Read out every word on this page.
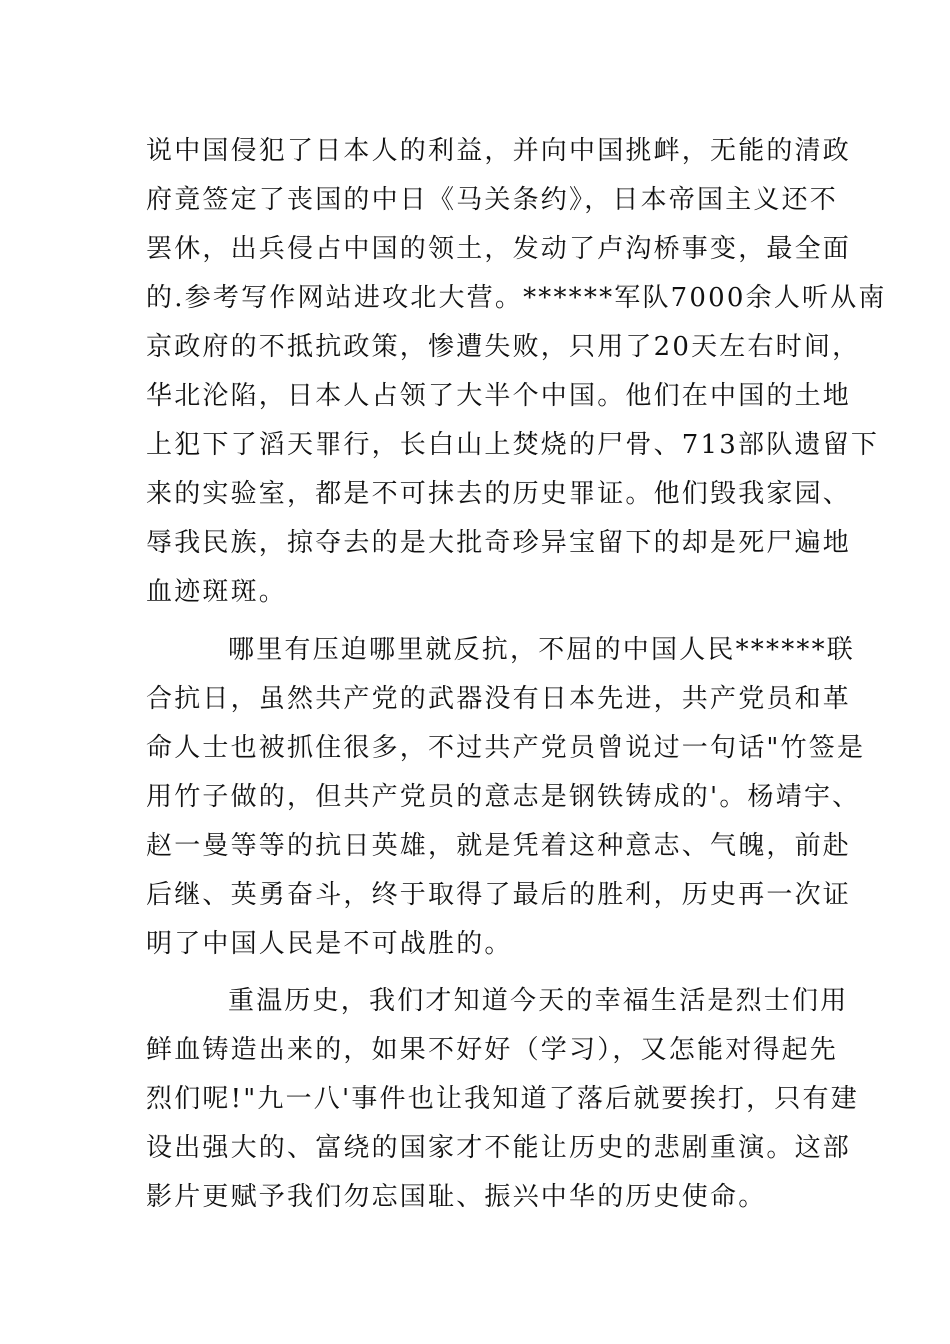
说中国侵犯了日本人的利益，并向中国挑衅，无能的清政
府竟签定了丧国的中日《马关条约》，日本帝国主义还不
罢休，出兵侵占中国的领土，发动了卢沟桥事变，最全面
的.参考写作网站进攻北大营。******军队7000余人听从南
京政府的不抵抗政策，惨遭失败，只用了20天左右时间，
华北沦陷，日本人占领了大半个中国。他们在中国的土地
上犯下了滔天罪行，长白山上焚烧的尸骨、713部队遗留下
来的实验室，都是不可抹去的历史罪证。他们毁我家园、
辱我民族，掠夺去的是大批奇珍异宝留下的却是死尸遍地
血迹斑斑。
哪里有压迫哪里就反抗，不屈的中国人民******联
合抗日，虽然共产党的武器没有日本先进，共产党员和革
命人士也被抓住很多，不过共产党员曾说过一句话"竹签是
用竹子做的，但共产党员的意志是钢铁铸成的'。杨靖宇、
赵一曼等等的抗日英雄，就是凭着这种意志、气魄，前赴
后继、英勇奋斗，终于取得了最后的胜利，历史再一次证
明了中国人民是不可战胜的。
重温历史，我们才知道今天的幸福生活是烈士们用
鲜血铸造出来的，如果不好好（学习），又怎能对得起先
烈们呢!"九一八'事件也让我知道了落后就要挨打，只有建
设出强大的、富绕的国家才不能让历史的悲剧重演。这部
影片更赋予我们勿忘国耻、振兴中华的历史使命。
